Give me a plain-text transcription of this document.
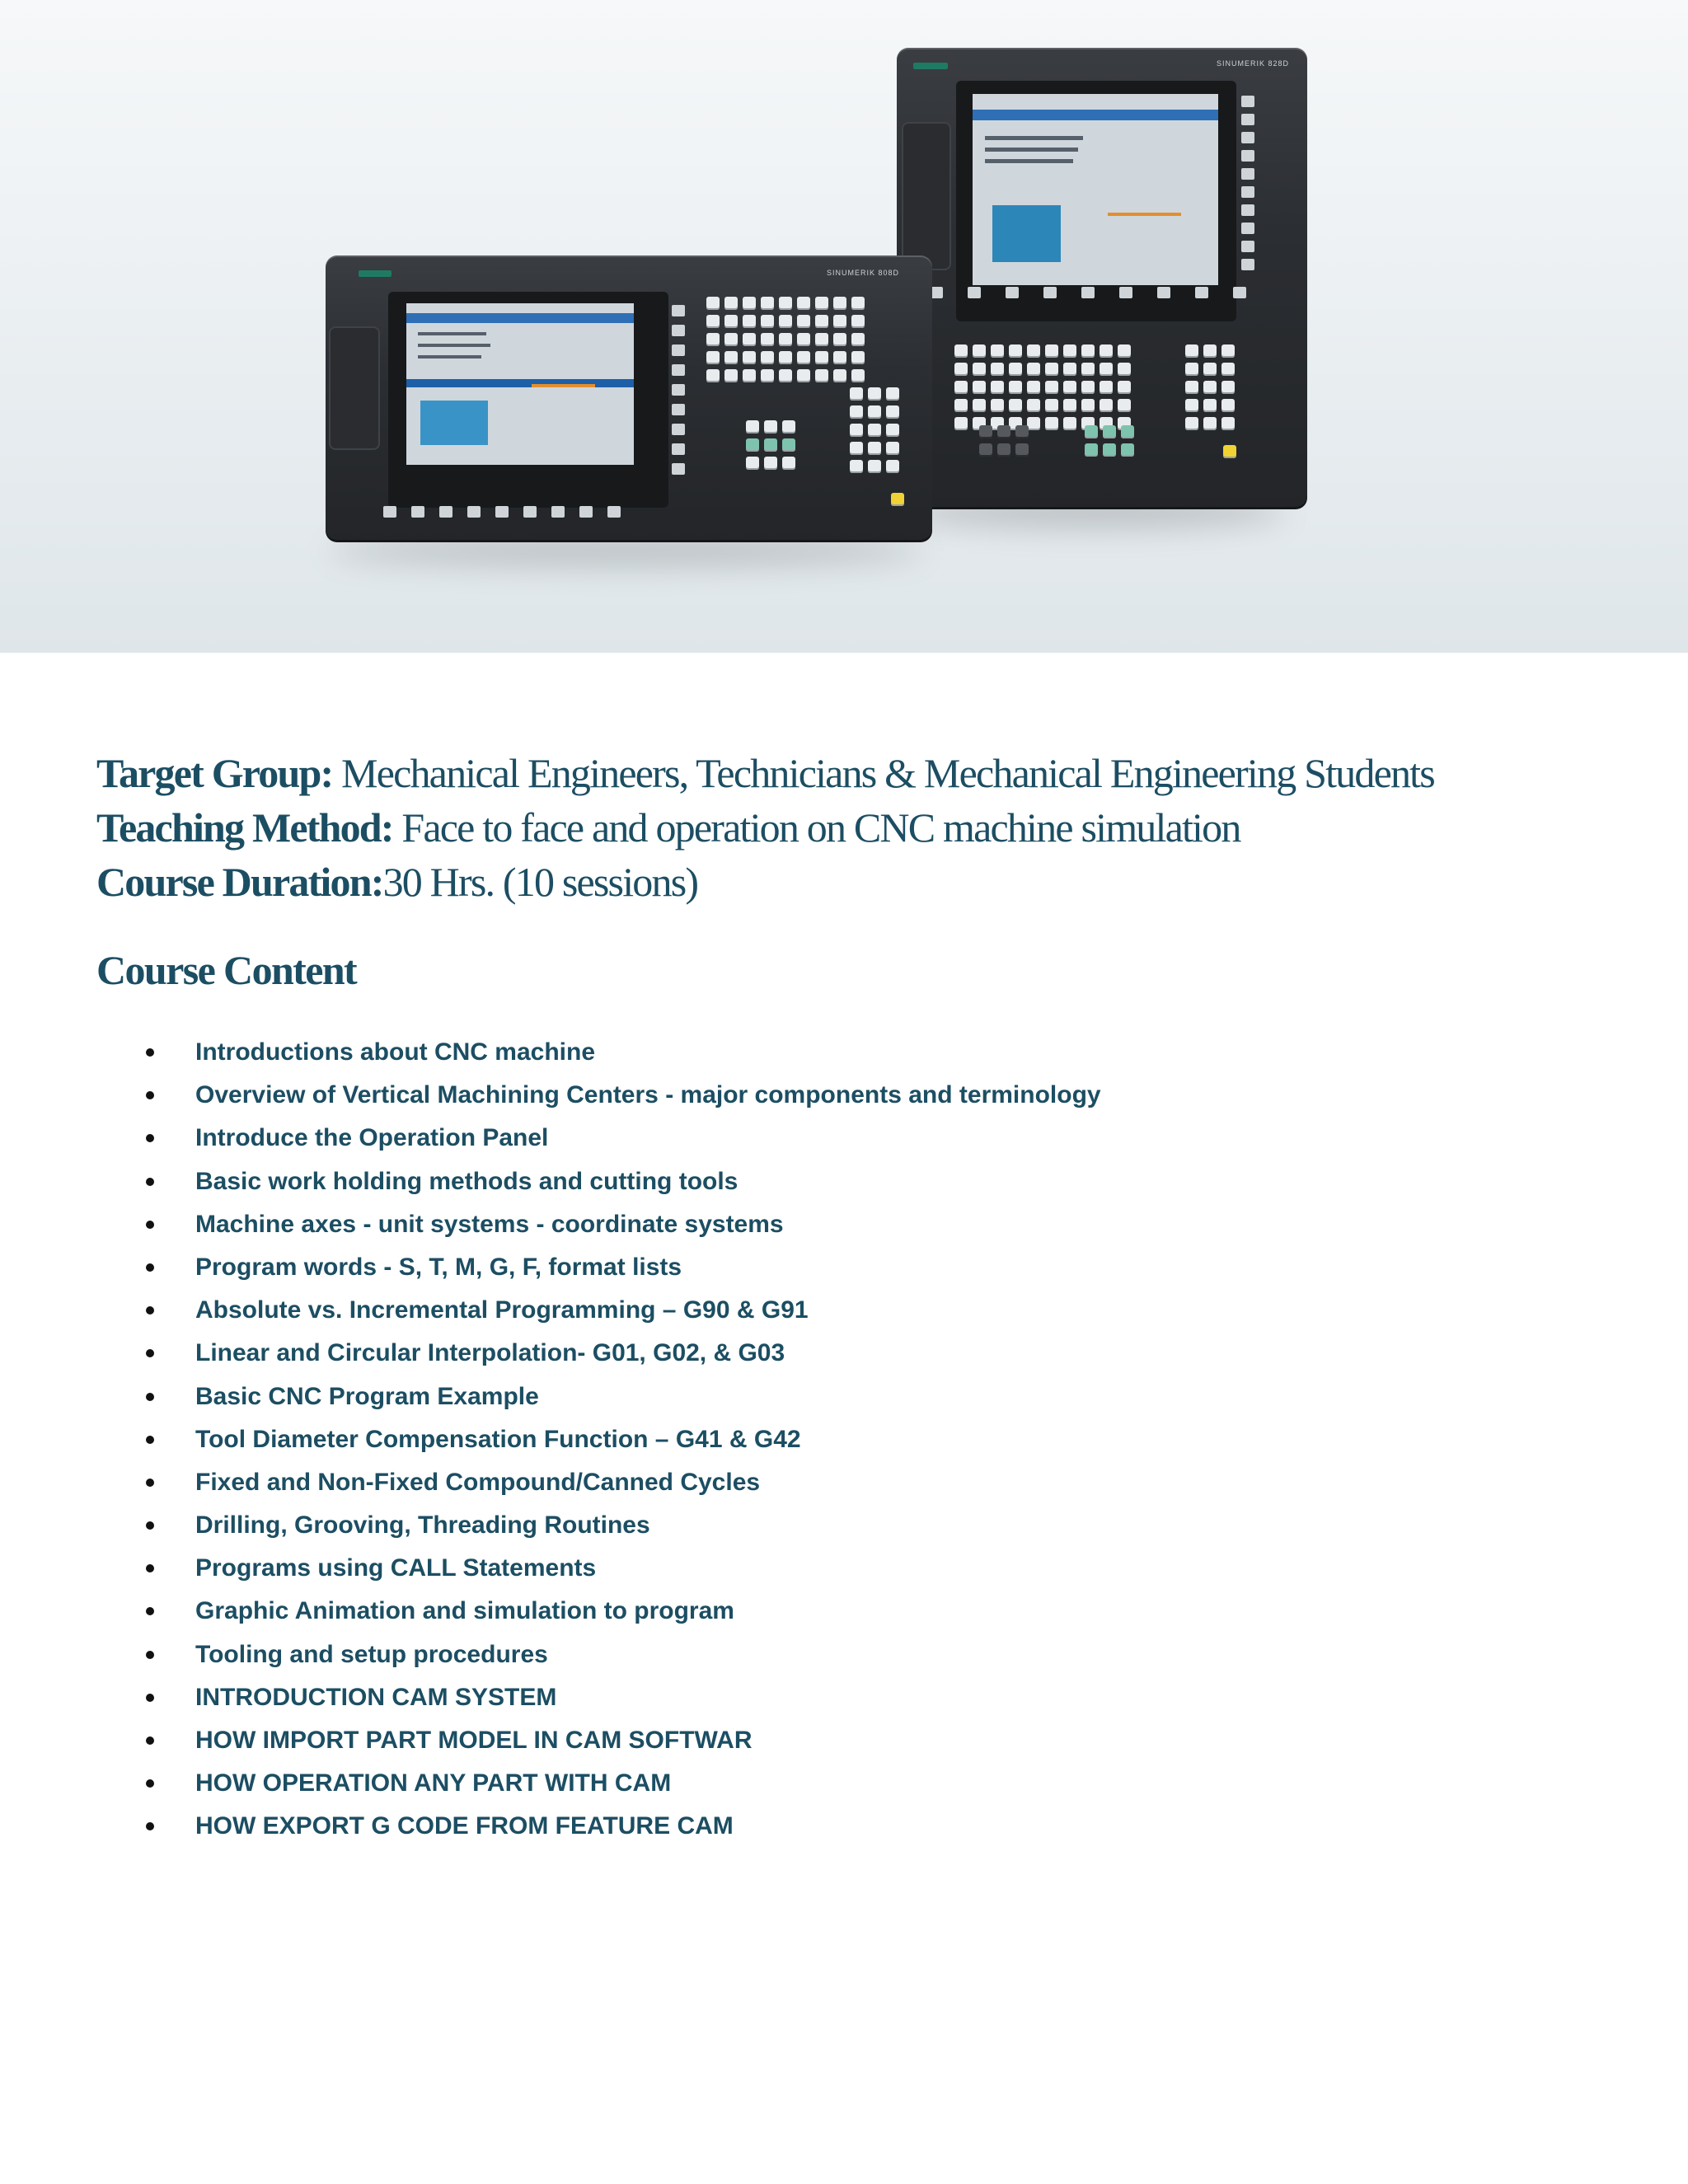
SINUMERIK 828D
SINUMERIK 808D
Target Group: Mechanical Engineers, Technicians & Mechanical Engineering Students
Teaching Method: Face to face and operation on CNC machine simulation
Course Duration:30 Hrs. (10 sessions)
Course Content
Introductions about CNC machine
Overview of Vertical Machining Centers - major components and terminology
Introduce the Operation Panel
Basic work holding methods and cutting tools
Machine axes - unit systems - coordinate systems
Program words - S, T, M, G, F, format lists
Absolute vs. Incremental Programming – G90 & G91
Linear and Circular Interpolation- G01, G02, & G03
Basic CNC Program Example
Tool Diameter Compensation Function – G41 & G42
Fixed and Non-Fixed Compound/Canned Cycles
Drilling, Grooving, Threading Routines
Programs using CALL Statements
Graphic Animation and simulation to program
Tooling and setup procedures
INTRODUCTION CAM SYSTEM
HOW IMPORT PART MODEL IN CAM SOFTWAR
HOW OPERATION ANY PART WITH CAM
HOW EXPORT G CODE FROM FEATURE CAM
